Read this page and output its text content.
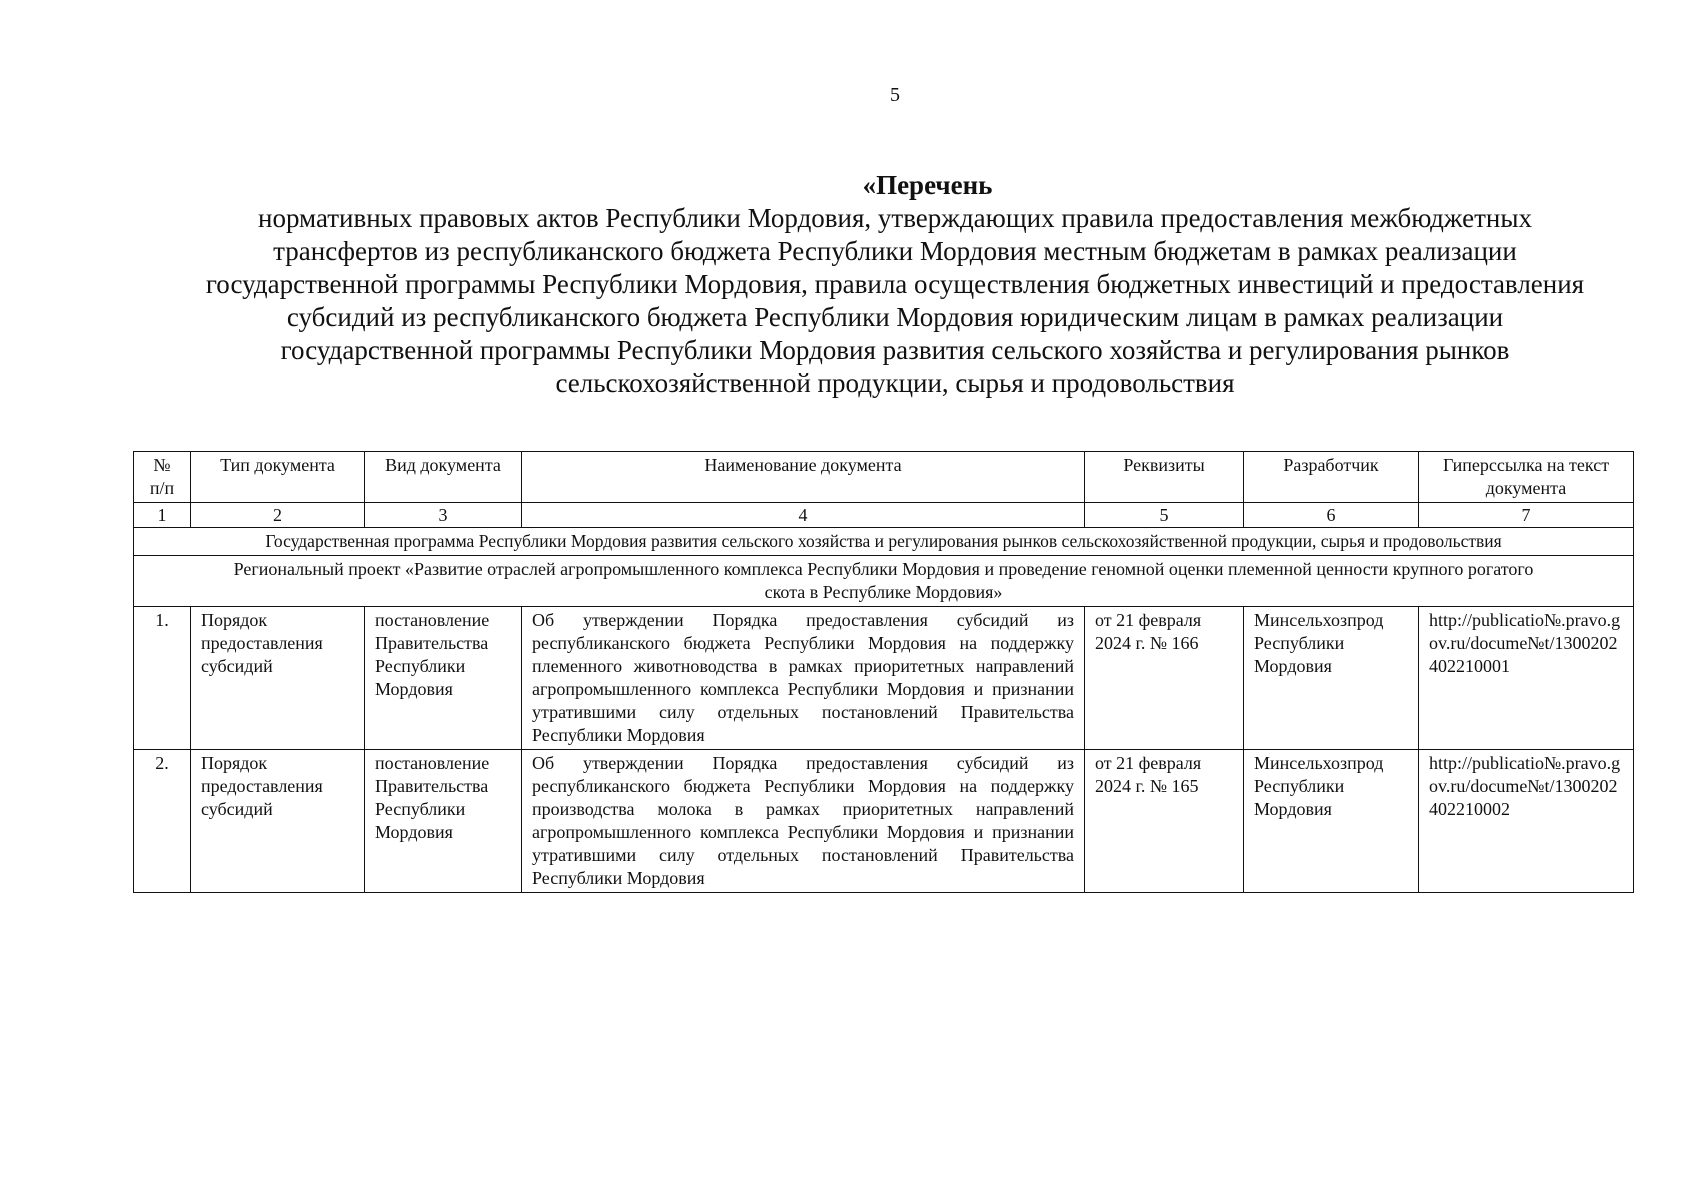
5
«Перечень
нормативных правовых актов Республики Мордовия, утверждающих правила предоставления межбюджетных
трансфертов из республиканского бюджета Республики Мордовия местным бюджетам в рамках реализации
государственной программы Республики Мордовия, правила осуществления бюджетных инвестиций и предоставления
субсидий из республиканского бюджета Республики Мордовия юридическим лицам в рамках реализации
государственной программы Республики Мордовия развития сельского хозяйства и регулирования рынков
сельскохозяйственной продукции, сырья и продовольствия
№ п/п	Тип документа	Вид документа	Наименование документа	Реквизиты	Разработчик	Гиперссылка на текст документа
1	2	3	4	5	6	7
Государственная программа Республики Мордовия развития сельского хозяйства и регулирования рынков сельскохозяйственной продукции, сырья и продовольствия						
Региональный проект «Развитие отраслей агропромышленного комплекса Республики Мордовия и проведение геномной оценки племенной ценности крупного рогатого скота в Республике Мордовия»						
1.	Порядок предоставления субсидий	постановление Правительства Республики Мордовия	Об утверждении Порядка предоставления субсидий из республиканского бюджета Республики Мордовия на поддержку племенного животноводства в рамках приоритетных направлений агропромышленного комплекса Республики Мордовия и признании утратившими силу отдельных постановлений Правительства Республики Мордовия	от 21 февраля 2024 г. № 166	Минсельхозпрод Республики Мордовия	http://publicatio№.pravo.gov.ru/docume№t/1300202402210001
2.	Порядок предоставления субсидий	постановление Правительства Республики Мордовия	Об утверждении Порядка предоставления субсидий из республиканского бюджета Республики Мордовия на поддержку производства молока в рамках приоритетных направлений агропромышленного комплекса Республики Мордовия и признании утратившими силу отдельных постановлений Правительства Республики Мордовия	от 21 февраля 2024 г. № 165	Минсельхозпрод Республики Мордовия	http://publicatio№.pravo.gov.ru/docume№t/1300202402210002
